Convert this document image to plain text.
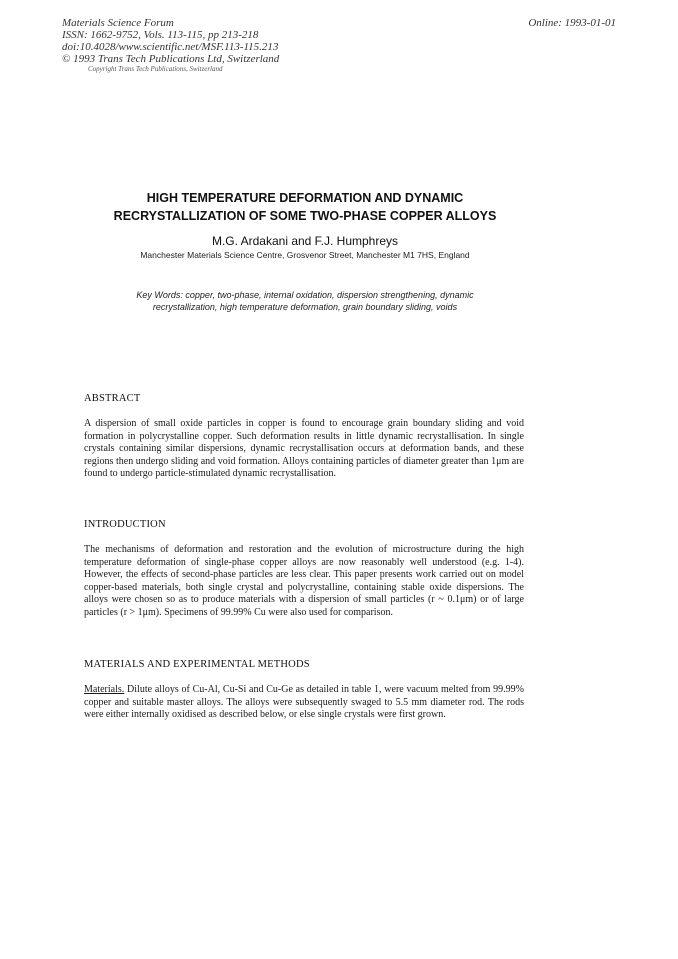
Materials Science Forum
ISSN: 1662-9752, Vols. 113-115, pp 213-218
doi:10.4028/www.scientific.net/MSF.113-115.213
© 1993 Trans Tech Publications Ltd, Switzerland
Copyright Trans Tech Publications, Switzerland
Online: 1993-01-01
HIGH TEMPERATURE DEFORMATION AND DYNAMIC
RECRYSTALLIZATION OF SOME TWO-PHASE COPPER ALLOYS
M.G. Ardakani and F.J. Humphreys
Manchester Materials Science Centre, Grosvenor Street, Manchester M1 7HS, England
Key Words: copper, two-phase, internal oxidation, dispersion strengthening, dynamic
recrystallization, high temperature deformation, grain boundary sliding, voids
ABSTRACT
A dispersion of small oxide particles in copper is found to encourage grain boundary sliding and void formation in polycrystalline copper. Such deformation results in little dynamic recrystallisation. In single crystals containing similar dispersions, dynamic recrystallisation occurs at deformation bands, and these regions then undergo sliding and void formation. Alloys containing particles of diameter greater than 1μm are found to undergo particle-stimulated dynamic recrystallisation.
INTRODUCTION
The mechanisms of deformation and restoration and the evolution of microstructure during the high temperature deformation of single-phase copper alloys are now reasonably well understood (e.g. 1-4). However, the effects of second-phase particles are less clear. This paper presents work carried out on model copper-based materials, both single crystal and polycrystalline, containing stable oxide dispersions. The alloys were chosen so as to produce materials with a dispersion of small particles (r ~ 0.1μm) or of large particles (r > 1μm). Specimens of 99.99% Cu were also used for comparison.
MATERIALS AND EXPERIMENTAL METHODS
Materials. Dilute alloys of Cu-Al, Cu-Si and Cu-Ge as detailed in table 1, were vacuum melted from 99.99% copper and suitable master alloys. The alloys were subsequently swaged to 5.5 mm diameter rod. The rods were either internally oxidised as described below, or else single crystals were first grown.
